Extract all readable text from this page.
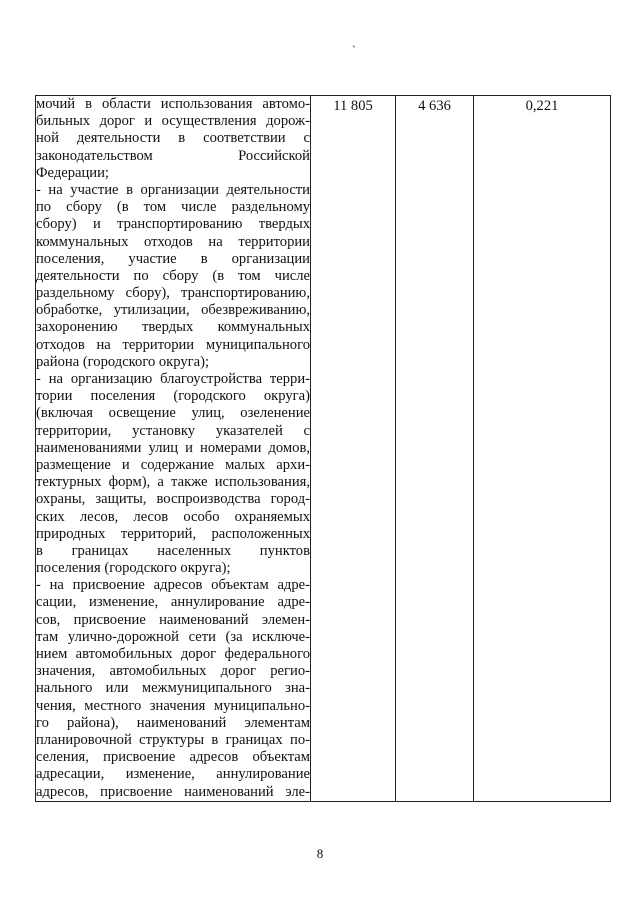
`
мочий в области использования автомо-
бильных дорог и осуществления дорож-
ной деятельности в соответствии с
законодательством Российской
Федерации;
- на участие в организации деятельности
по сбору (в том числе раздельному
сбору) и транспортированию твердых
коммунальных отходов на территории
поселения, участие в организации
деятельности по сбору (в том числе
раздельному сбору), транспортированию,
обработке, утилизации, обезвреживанию,
захоронению твердых коммунальных
отходов на территории муниципального
района (городского округа);
- на организацию благоустройства терри-
тории поселения (городского округа)
(включая освещение улиц, озеленение
территории, установку указателей с
наименованиями улиц и номерами домов,
размещение и содержание малых архи-
тектурных форм), а также использования,
охраны, защиты, воспроизводства город-
ских лесов, лесов особо охраняемых
природных территорий, расположенных
в границах населенных пунктов
поселения (городского округа);
- на присвоение адресов объектам адре-
сации, изменение, аннулирование адре-
сов, присвоение наименований элемен-
там улично-дорожной сети (за исключе-
нием автомобильных дорог федерального
значения, автомобильных дорог регио-
нального или межмуниципального зна-
чения, местного значения муниципально-
го района), наименований элементам
планировочной структуры в границах по-
селения, присвоение адресов объектам
адресации, изменение, аннулирование
адресов, присвоение наименований эле-

11 805	4 636	0,221
8
